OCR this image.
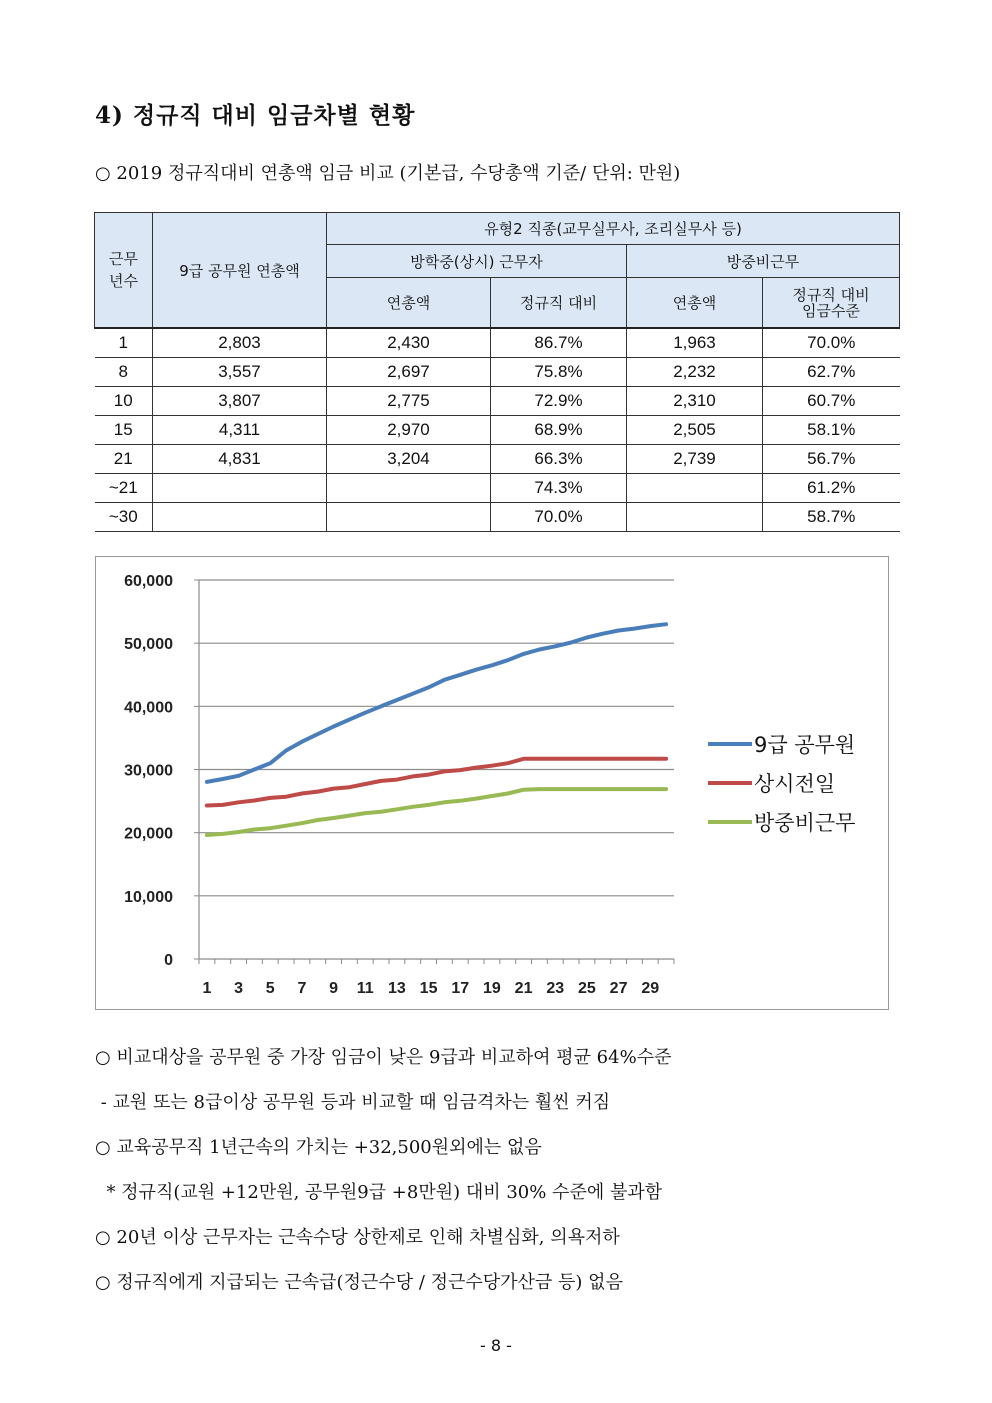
4) 정규직 대비 임금차별 현황
○ 2019 정규직대비 연총액 임금 비교 (기본급, 수당총액 기준/ 단위: 만원)
근무
년수	9급 공무원 연총액	유형2 직종(교무실무사, 조리실무사 등)			
		방학중(상시) 근무자		방중비근무	
		연총액	정규직 대비	연총액	정규직 대비
임금수준
1	2,803	2,430	86.7%	1,963	70.0%
8	3,557	2,697	75.8%	2,232	62.7%
10	3,807	2,775	72.9%	2,310	60.7%
15	4,311	2,970	68.9%	2,505	58.1%
21	4,831	3,204	66.3%	2,739	56.7%
~21			74.3%		61.2%
~30			70.0%		58.7%
0
10,000
20,000
30,000
40,000
50,000
60,000
1 3 5 7 9 11 13 15 17 19 21 23 25 27 29
9급 공무원
상시전일
방중비근무
○ 비교대상을 공무원 중 가장 임금이 낮은 9급과 비교하여 평균 64%수준
- 교원 또는 8급이상 공무원 등과 비교할 때 임금격차는 훨씬 커짐
○ 교육공무직 1년근속의 가치는 +32,500원외에는 없음
* 정규직(교원 +12만원, 공무원9급 +8만원) 대비 30% 수준에 불과함
○ 20년 이상 근무자는 근속수당 상한제로 인해 차별심화, 의욕저하
○ 정규직에게 지급되는 근속급(정근수당 / 정근수당가산금 등) 없음
- 8 -
